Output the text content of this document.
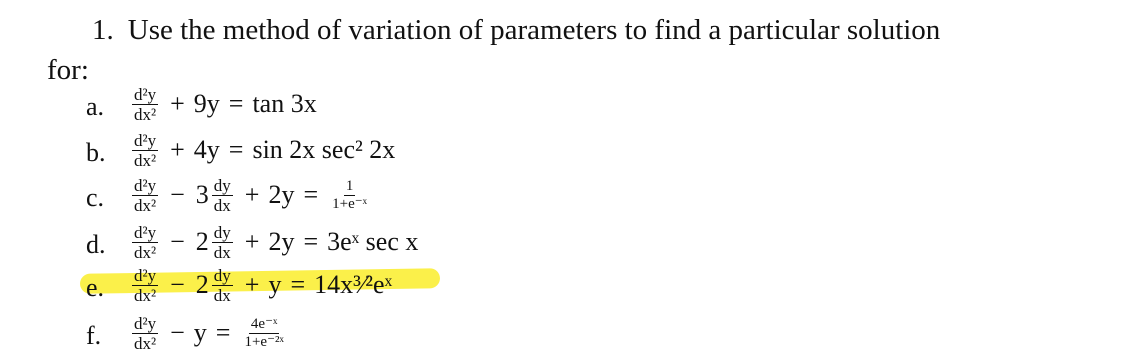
1. Use the method of variation of parameters to find a particular solution
for:
a. $\frac{\text{d²y}}{\text{dx²}} + 9y = \tan 3x$
b. $\frac{\text{d²y}}{\text{dx²}} + 4y = \sin 2x$ sec² 2x
c. $\frac{\text{d²y}}{\text{dx²}} - 3 \frac{dy}{dx} + 2y = \frac{1}{\text{1+e⁻ˣ}}$
d. $\frac{\text{d²y}}{\text{dx²}} - 2 \frac{dy}{dx} + 2y$ = 3eˣ sec x
e. $\frac{\text{d²y}}{\text{dx²}} - 2 \frac{dy}{dx} + y$ = 14x³⁄²eˣ
f. $\frac{\text{d²y}}{\text{dx²}} - y = \frac{\text{4e⁻ˣ}}{\text{1+e⁻²ˣ}}$
